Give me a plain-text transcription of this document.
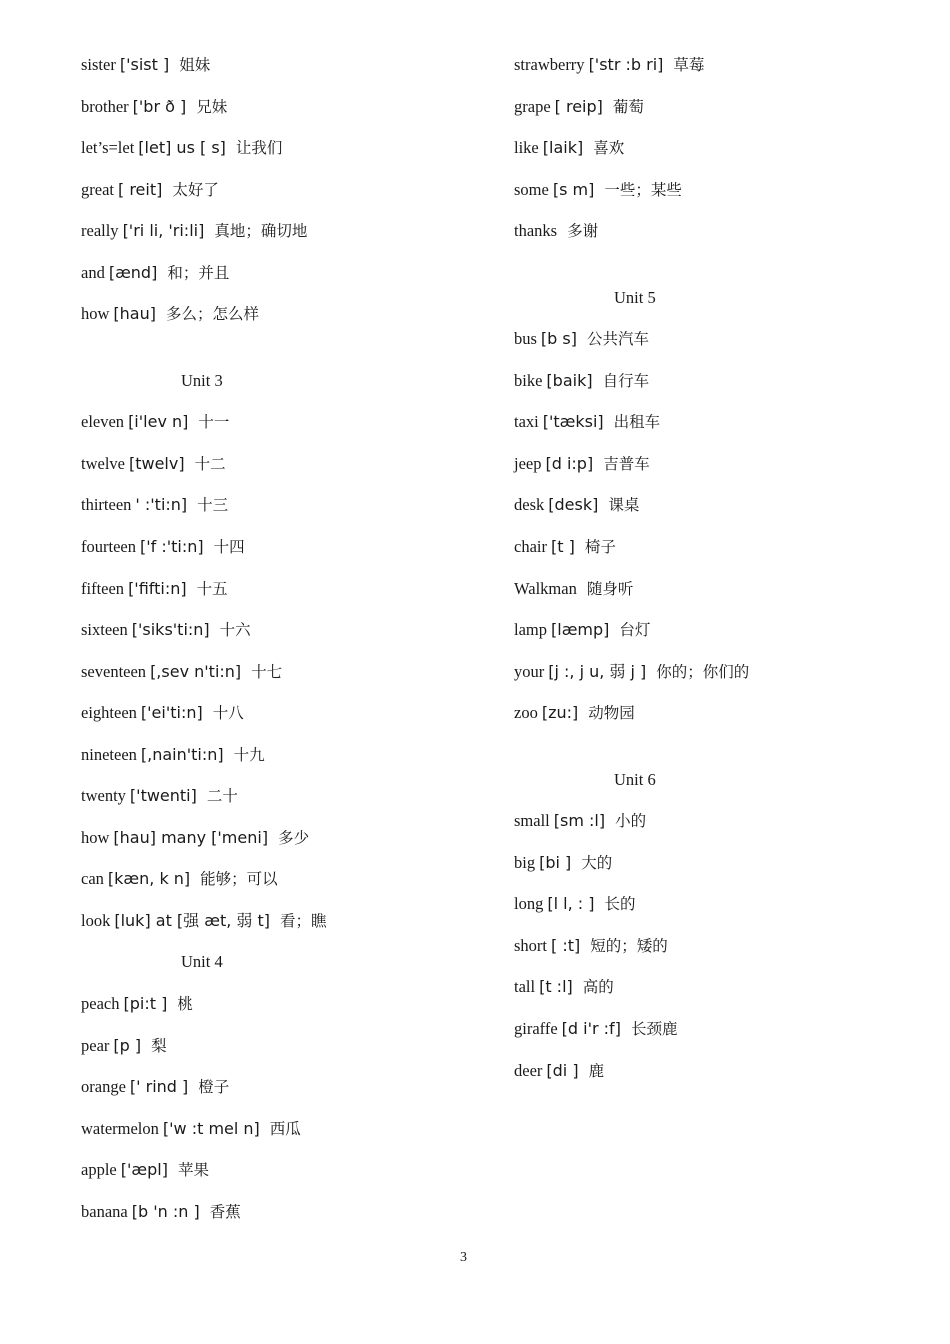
sister ['sist ] 姐妹
brother ['br ð ] 兄妹
let’s=let [let] us [ s] 让我们
great [ reit] 太好了
really ['ri li, 'ri:li] 真地；确切地
and [ænd] 和；并且
how [hau] 多么；怎么样
Unit 3
eleven [i'lev n] 十一
twelve [twelv] 十二
thirteen ' :'ti:n] 十三
fourteen ['f :'ti:n] 十四
fifteen ['fifti:n] 十五
sixteen ['siks'ti:n] 十六
seventeen [,sev n'ti:n] 十七
eighteen ['ei'ti:n] 十八
nineteen [,nain'ti:n] 十九
twenty ['twenti] 二十
how [hau] many ['meni] 多少
can [kæn, k n] 能够；可以
look [luk] at [强 æt, 弱 t] 看；瞧
Unit 4
peach [pi:t ] 桃
pear [p ] 梨
orange [' rind ] 橙子
watermelon ['w :t mel n] 西瓜
apple ['æpl] 苹果
banana [b 'n :n ] 香蕉
strawberry ['str :b ri] 草莓
grape [ reip] 葡萄
like [laik] 喜欢
some [s m] 一些；某些
thanks 多谢
Unit 5
bus [b s] 公共汽车
bike [baik] 自行车
taxi ['tæksi] 出租车
jeep [d i:p] 吉普车
desk [desk] 课桌
chair [t ] 椅子
Walkman 随身听
lamp [læmp] 台灯
your [j :, j u, 弱 j ] 你的；你们的
zoo [zu:] 动物园
Unit 6
small [sm :l] 小的
big [bi ] 大的
long [l l, : ] 长的
short [ :t] 短的；矮的
tall [t :l] 高的
giraffe [d i'r :f] 长颈鹿
deer [di ] 鹿
3
